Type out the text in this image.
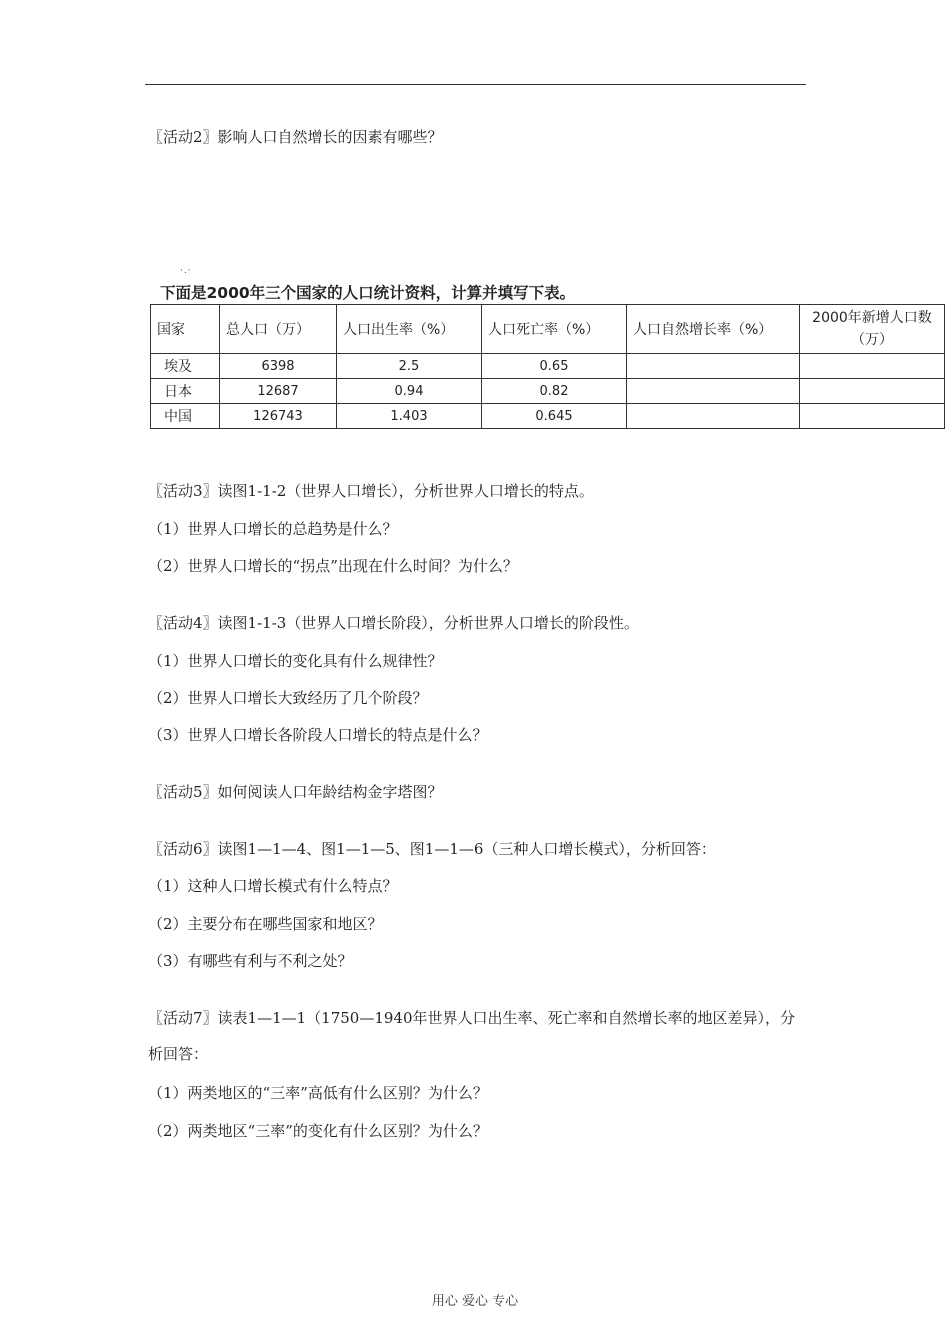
〖活动2〗影响人口自然增长的因素有哪些？
·.·
下面是2000年三个国家的人口统计资料，计算并填写下表。
国家	总人口（万）	人口出生率（%）	人口死亡率（%）	人口自然增长率（%）	2000年新增人口数（万）
埃及	6398	2.5	0.65		
日本	12687	0.94	0.82		
中国	126743	1.403	0.645		
〖活动3〗读图1-1-2（世界人口增长），分析世界人口增长的特点。
（1）世界人口增长的总趋势是什么？
（2）世界人口增长的“拐点”出现在什么时间？为什么？
〖活动4〗读图1-1-3（世界人口增长阶段），分析世界人口增长的阶段性。
（1）世界人口增长的变化具有什么规律性？
（2）世界人口增长大致经历了几个阶段？
（3）世界人口增长各阶段人口增长的特点是什么？
〖活动5〗如何阅读人口年龄结构金字塔图？
〖活动6〗读图1—1—4、图1—1—5、图1—1—6（三种人口增长模式），分析回答：
（1）这种人口增长模式有什么特点？
（2）主要分布在哪些国家和地区？
（3）有哪些有利与不利之处？
〖活动7〗读表1—1—1（1750—1940年世界人口出生率、死亡率和自然增长率的地区差异），分析回答：
（1）两类地区的“三率”高低有什么区别？为什么？
（2）两类地区“三率”的变化有什么区别？为什么？
用心 爱心 专心
